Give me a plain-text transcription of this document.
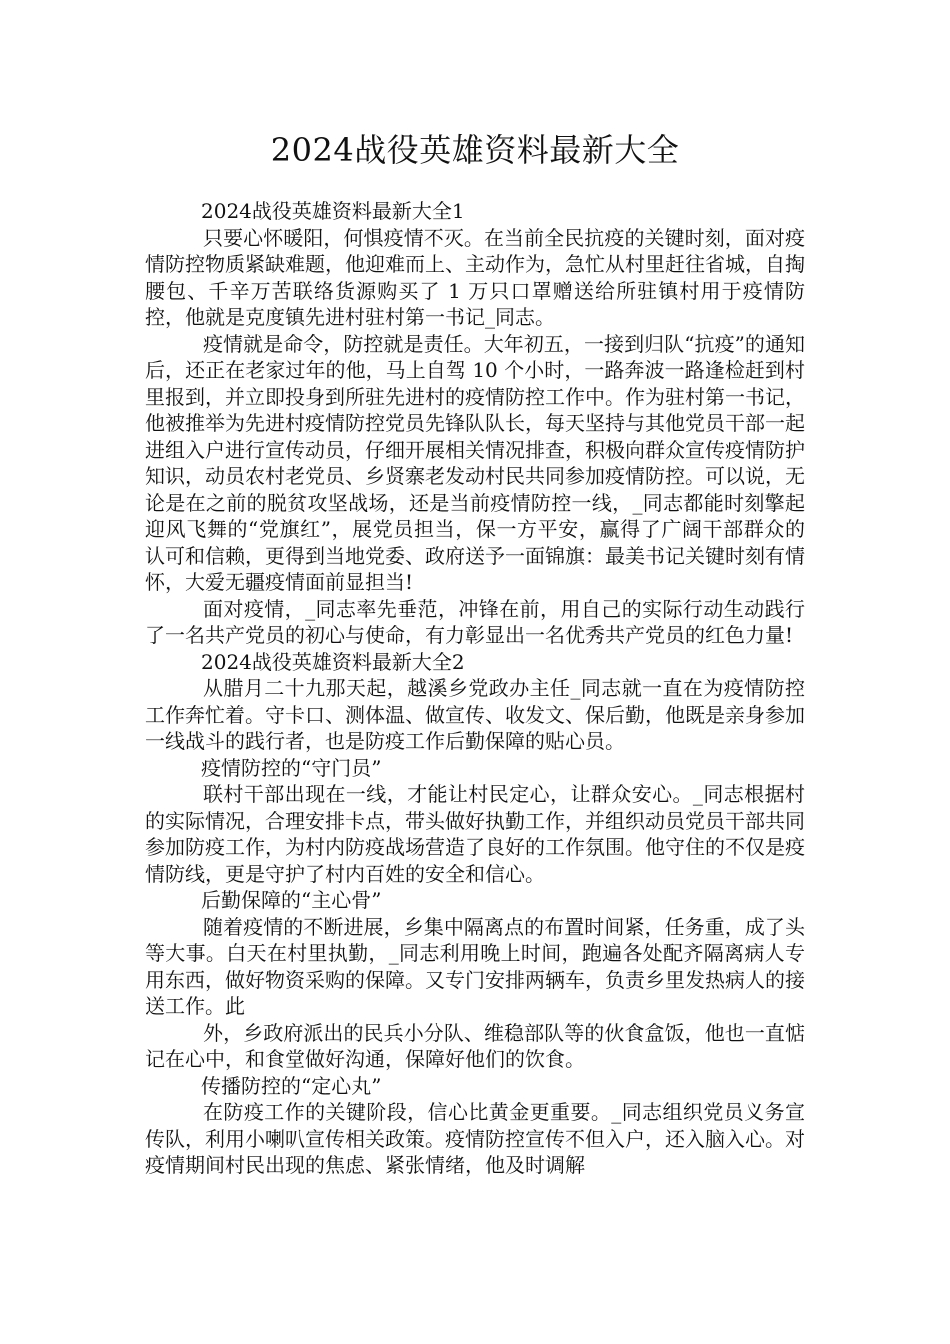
2024战役英雄资料最新大全

2024战役英雄资料最新大全1

只要心怀暖阳，何惧疫情不灭。在当前全民抗疫的关键时刻，面对疫情防控物质紧缺难题，他迎难而上、主动作为，急忙从村里赶往省城，自掏腰包、千辛万苦联络货源购买了 1 万只口罩赠送给所驻镇村用于疫情防控，他就是克度镇先进村驻村第一书记_同志。

疫情就是命令，防控就是责任。大年初五，一接到归队“抗疫”的通知后，还正在老家过年的他，马上自驾 10 个小时，一路奔波一路逢检赶到村里报到，并立即投身到所驻先进村的疫情防控工作中。作为驻村第一书记，他被推举为先进村疫情防控党员先锋队队长，每天坚持与其他党员干部一起进组入户进行宣传动员，仔细开展相关情况排查，积极向群众宣传疫情防护知识，动员农村老党员、乡贤寨老发动村民共同参加疫情防控。可以说，无论是在之前的脱贫攻坚战场，还是当前疫情防控一线，_同志都能时刻擎起迎风飞舞的“党旗红”，展党员担当，保一方平安，赢得了广阔干部群众的认可和信赖，更得到当地党委、政府送予一面锦旗：最美书记关键时刻有情怀，大爱无疆疫情面前显担当!

面对疫情，_同志率先垂范，冲锋在前，用自己的实际行动生动践行了一名共产党员的初心与使命，有力彰显出一名优秀共产党员的红色力量!

2024战役英雄资料最新大全2

从腊月二十九那天起，越溪乡党政办主任_同志就一直在为疫情防控工作奔忙着。守卡口、测体温、做宣传、收发文、保后勤，他既是亲身参加一线战斗的践行者，也是防疫工作后勤保障的贴心员。

疫情防控的“守门员”

联村干部出现在一线，才能让村民定心，让群众安心。_同志根据村的实际情况，合理安排卡点，带头做好执勤工作，并组织动员党员干部共同参加防疫工作，为村内防疫战场营造了良好的工作氛围。他守住的不仅是疫情防线，更是守护了村内百姓的安全和信心。

后勤保障的“主心骨”

随着疫情的不断进展，乡集中隔离点的布置时间紧，任务重，成了头等大事。白天在村里执勤，_同志利用晚上时间，跑遍各处配齐隔离病人专用东西，做好物资采购的保障。又专门安排两辆车，负责乡里发热病人的接送工作。此

外，乡政府派出的民兵小分队、维稳部队等的伙食盒饭，他也一直惦记在心中，和食堂做好沟通，保障好他们的饮食。

传播防控的“定心丸”

在防疫工作的关键阶段，信心比黄金更重要。_同志组织党员义务宣传队，利用小喇叭宣传相关政策。疫情防控宣传不但入户，还入脑入心。对疫情期间村民出现的焦虑、紧张情绪，他及时调解
